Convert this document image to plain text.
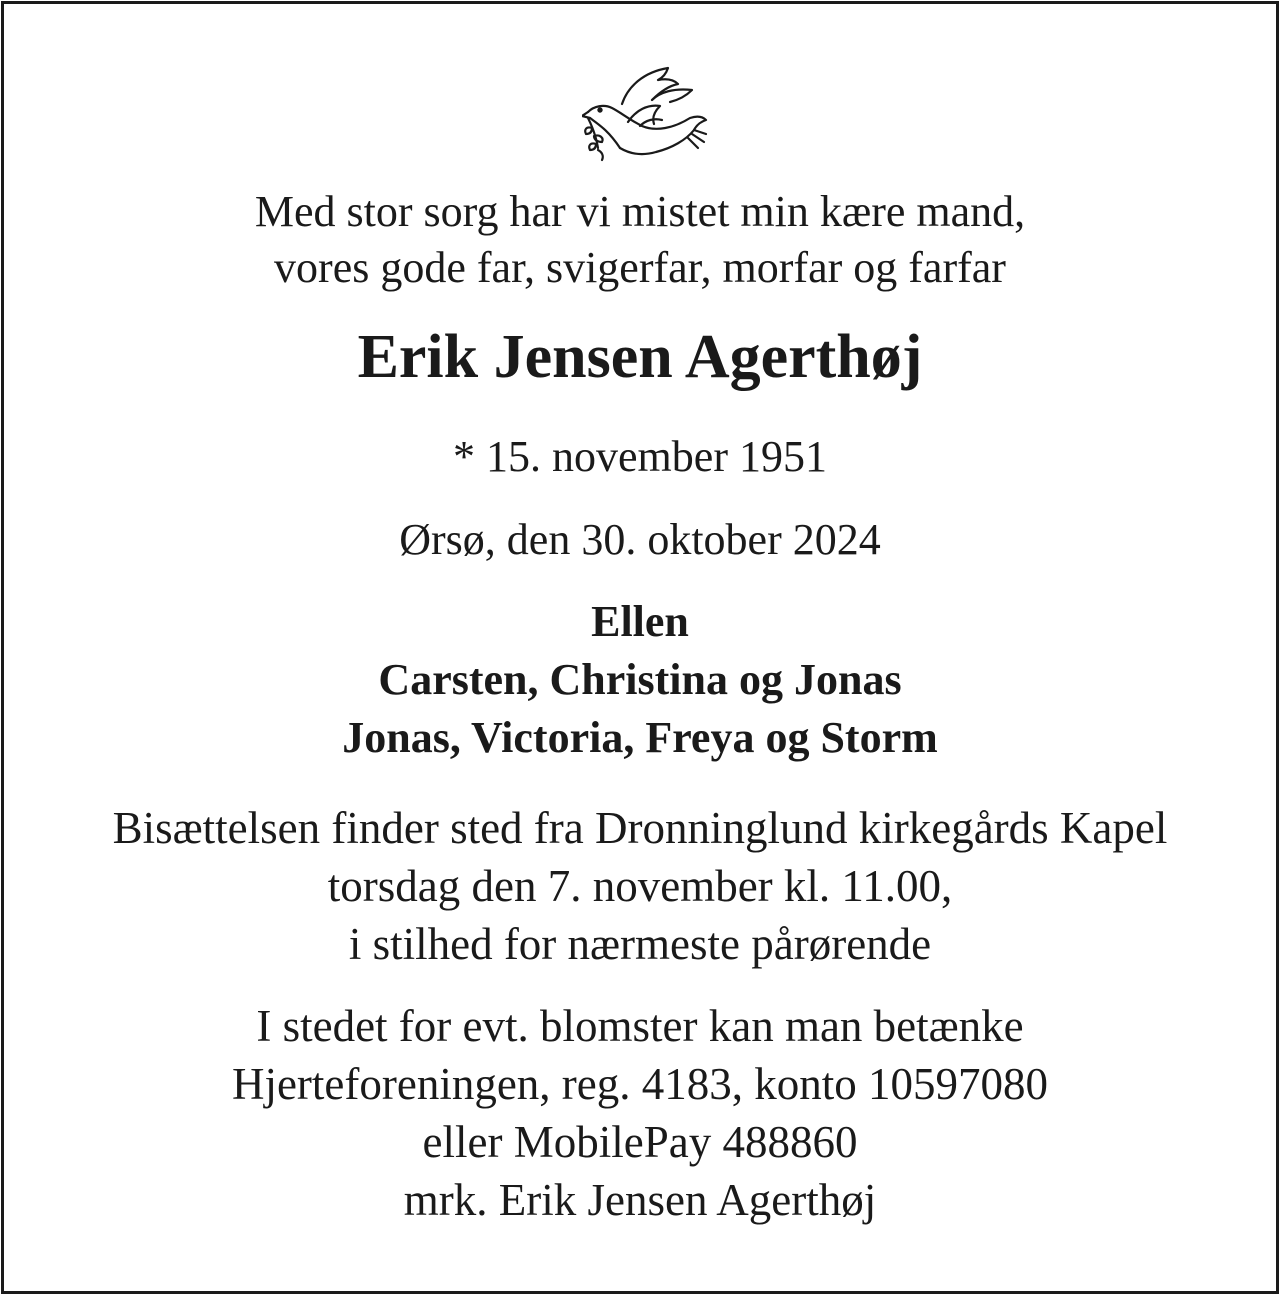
Med stor sorg har vi mistet min kære mand,
vores gode far, svigerfar, morfar og farfar
Erik Jensen Agerthøj
* 15. november 1951
Ørsø, den 30. oktober 2024
Ellen
Carsten, Christina og Jonas
Jonas, Victoria, Freya og Storm
Bisættelsen finder sted fra Dronninglund kirkegårds Kapel
torsdag den 7. november kl. 11.00,
i stilhed for nærmeste pårørende
I stedet for evt. blomster kan man betænke
Hjerteforeningen, reg. 4183, konto 10597080
eller MobilePay 488860
mrk. Erik Jensen Agerthøj
